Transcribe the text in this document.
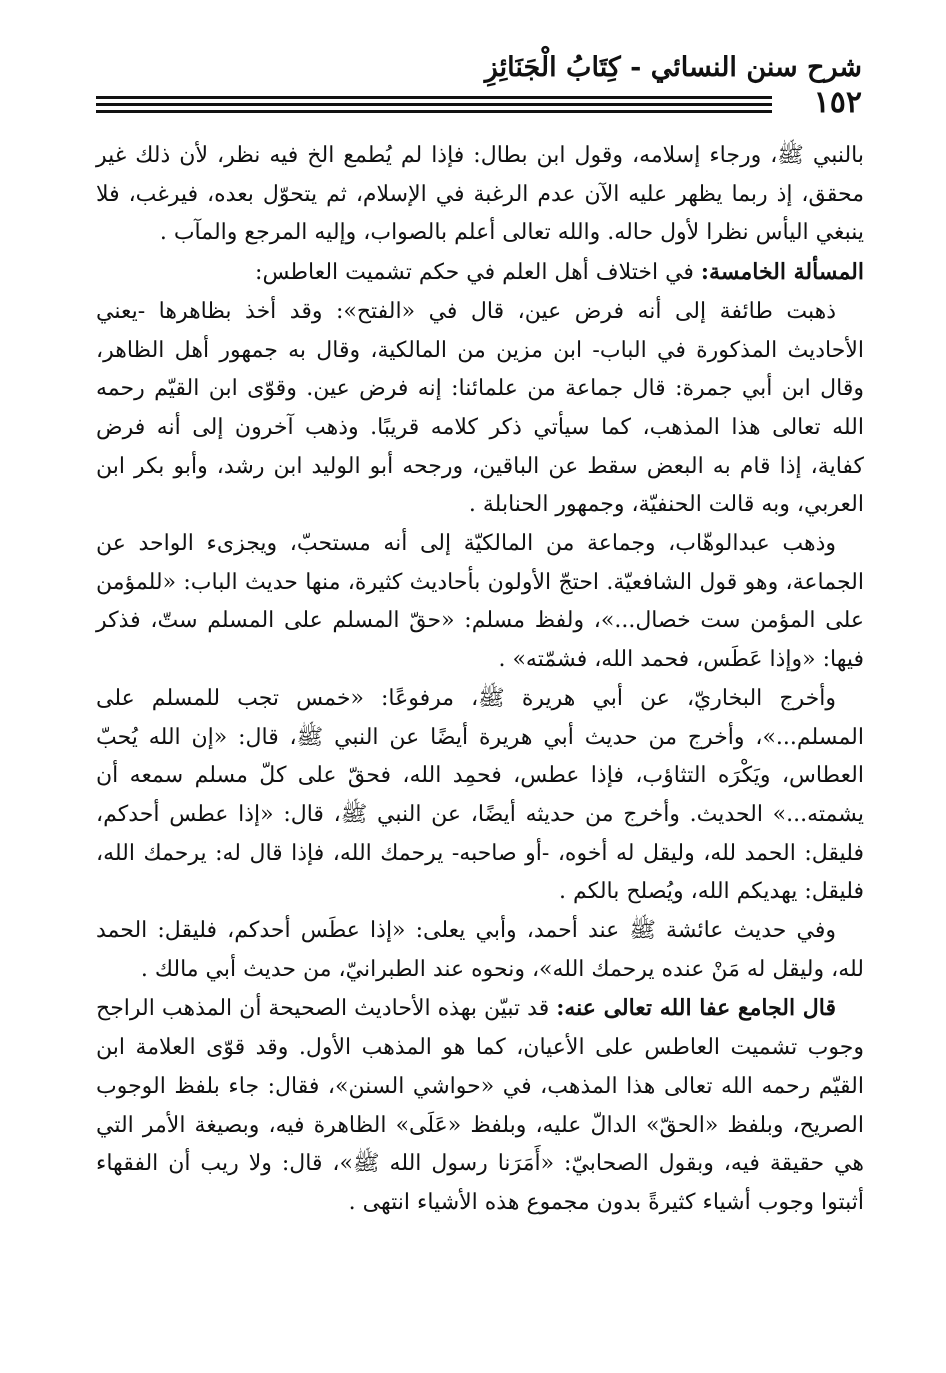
شرح سنن النسائي - كِتَابُ الْجَنَائِزِ
١٥٢

بالنبي ﷺ، ورجاء إسلامه، وقول ابن بطال: فإذا لم يُطمع الخ فيه نظر، لأن ذلك غير محقق، إذ ربما يظهر عليه الآن عدم الرغبة في الإسلام، ثم يتحوّل بعده، فيرغب، فلا ينبغي اليأس نظرا لأول حاله. والله تعالى أعلم بالصواب، وإليه المرجع والمآب .

المسألة الخامسة: في اختلاف أهل العلم في حكم تشميت العاطس:

ذهبت طائفة إلى أنه فرض عين، قال في «الفتح»: وقد أخذ بظاهرها -يعني الأحاديث المذكورة في الباب- ابن مزين من المالكية، وقال به جمهور أهل الظاهر، وقال ابن أبي جمرة: قال جماعة من علمائنا: إنه فرض عين. وقوّى ابن القيّم رحمه الله تعالى هذا المذهب، كما سيأتي ذكر كلامه قريبًا. وذهب آخرون إلى أنه فرض كفاية، إذا قام به البعض سقط عن الباقين، ورجحه أبو الوليد ابن رشد، وأبو بكر ابن العربي، وبه قالت الحنفيّة، وجمهور الحنابلة .

وذهب عبدالوهّاب، وجماعة من المالكيّة إلى أنه مستحبّ، ويجزىء الواحد عن الجماعة، وهو قول الشافعيّة. احتجّ الأولون بأحاديث كثيرة، منها حديث الباب: «للمؤمن على المؤمن ست خصال...»، ولفظ مسلم: «حقّ المسلم على المسلم ستّ، فذكر فيها: «وإذا عَطَس، فحمد الله، فشمّته» .

وأخرج البخاريّ، عن أبي هريرة ﷺ، مرفوعًا: «خمس تجب للمسلم على المسلم...»، وأخرج من حديث أبي هريرة أيضًا عن النبي ﷺ، قال: «إن الله يُحبّ العطاس، ويَكْرَه التثاؤب، فإذا عطس، فحمِد الله، فحقّ على كلّ مسلم سمعه أن يشمته...» الحديث. وأخرج من حديثه أيضًا، عن النبي ﷺ، قال: «إذا عطس أحدكم، فليقل: الحمد لله، وليقل له أخوه، -أو صاحبه- يرحمك الله، فإذا قال له: يرحمك الله، فليقل: يهديكم الله، ويُصلح بالكم .

وفي حديث عائشة ﷺ عند أحمد، وأبي يعلى: «إذا عطَس أحدكم، فليقل: الحمد لله، وليقل له مَنْ عنده يرحمك الله»، ونحوه عند الطبرانيّ، من حديث أبي مالك .

قال الجامع عفا الله تعالى عنه: قد تبيّن بهذه الأحاديث الصحيحة أن المذهب الراجح وجوب تشميت العاطس على الأعيان، كما هو المذهب الأول. وقد قوّى العلامة ابن القيّم رحمه الله تعالى هذا المذهب، في «حواشي السنن»، فقال: جاء بلفظ الوجوب الصريح، وبلفظ «الحقّ» الدالّ عليه، وبلفظ «عَلَى» الظاهرة فيه، وبصيغة الأمر التي هي حقيقة فيه، وبقول الصحابيّ: «أَمَرَنا رسول الله ﷺ»، قال: ولا ريب أن الفقهاء أثبتوا وجوب أشياء كثيرةً بدون مجموع هذه الأشياء انتهى .
